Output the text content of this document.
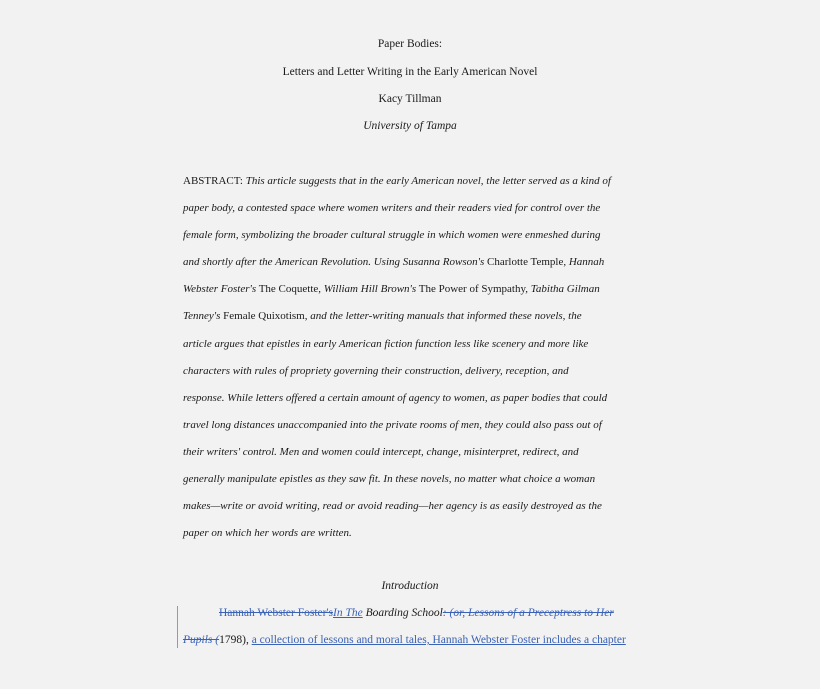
Paper Bodies:
Letters and Letter Writing in the Early American Novel
Kacy Tillman
University of Tampa
ABSTRACT: This article suggests that in the early American novel, the letter served as a kind of
paper body, a contested space where women writers and their readers vied for control over the
female form, symbolizing the broader cultural struggle in which women were enmeshed during
and shortly after the American Revolution. Using Susanna Rowson's Charlotte Temple, Hannah
Webster Foster's The Coquette, William Hill Brown's The Power of Sympathy, Tabitha Gilman
Tenney's Female Quixotism, and the letter-writing manuals that informed these novels, the
article argues that epistles in early American fiction function less like scenery and more like
characters with rules of propriety governing their construction, delivery, reception, and
response. While letters offered a certain amount of agency to women, as paper bodies that could
travel long distances unaccompanied into the private rooms of men, they could also pass out of
their writers' control. Men and women could intercept, change, misinterpret, redirect, and
generally manipulate epistles as they saw fit. In these novels, no matter what choice a woman
makes—write or avoid writing, read or avoid reading—her agency is as easily destroyed as the
paper on which her words are written.
Introduction
Hannah Webster Foster'sIn The Boarding School: (or, Lessons of a Preceptress to Her
Pupils (1798), a collection of lessons and moral tales, Hannah Webster Foster includes a chapter
